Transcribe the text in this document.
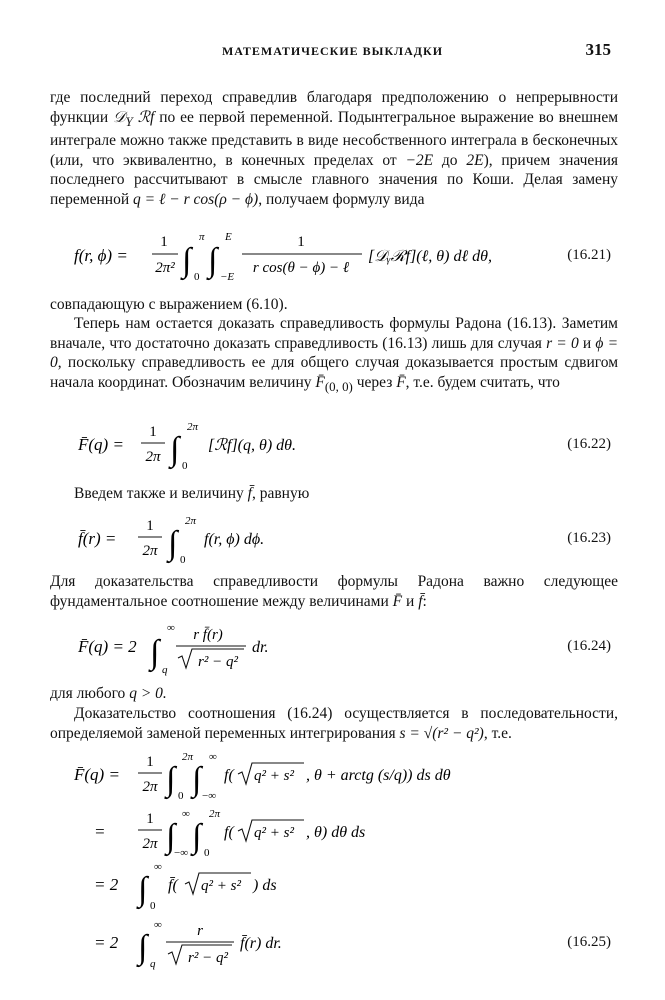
МАТЕМАТИЧЕСКИЕ ВЫКЛАДКИ	315

где последний переход справедлив благодаря предположению о непрерывности функции 𝒟$_Y$ ℛf по ее первой переменной. Подынтегральное выражение во внешнем интеграле можно также представить в виде несобственного интеграла в бесконечных (или, что эквивалентно, в конечных пределах от −2E до 2E), причем значения последнего рассчитывают в смысле главного значения по Коши. Делая замену переменной q = ℓ − r cos(ρ − ϕ), получаем формулу вида

f(r, ϕ) =
1
2π² ∫
π
0 ∫
E
−E
1
r cos(θ − ϕ) − ℓ
[𝒟ᵧℛf](ℓ, θ) dℓ dθ,	(16.21)

совпадающую с выражением (6.10).

Теперь нам остается доказать справедливость формулы Радона (16.13). Заметим вначале, что достаточно доказать справедливость (16.13) лишь для случая r = 0 и ϕ = 0, поскольку справедливость ее для общего случая доказывается простым сдвигом начала координат. Обозначим величину $F̄_{(0, 0)}$ через F̄, т.е. будем считать, что

F̄(q) =
1
2π ∫
2π
0
[ℛf](q, θ) dθ.	(16.22)

Введем также и величину f̄, равную

f̄(r) =
1
2π ∫
2π
0
f(r, ϕ) dϕ.	(16.23)

Для доказательства справедливости формулы Радона важно следующее фундаментальное соотношение между величинами F̄ и f̄:

F̄(q) = 2 ∫
∞
q
r f̄(r)
r² − q²
dr.	(16.24)

для любого q > 0.

Доказательство соотношения (16.24) осуществляется в последовательности, определяемой заменой переменных интегрирования s = √(r² − q²), т.е.

F̄(q) =
1
2π ∫
2π
0 ∫
∞
−∞
f( q² + s² , θ + arctg (s/q)) ds dθ
=
1
2π ∫
∞
−∞ ∫
2π
0
f( q² + s² , θ) dθ ds
= 2 ∫
∞
0
f̄( q² + s² ) ds
= 2 ∫
∞
q
r
r² − q²
f̄(r) dr.	(16.25)
